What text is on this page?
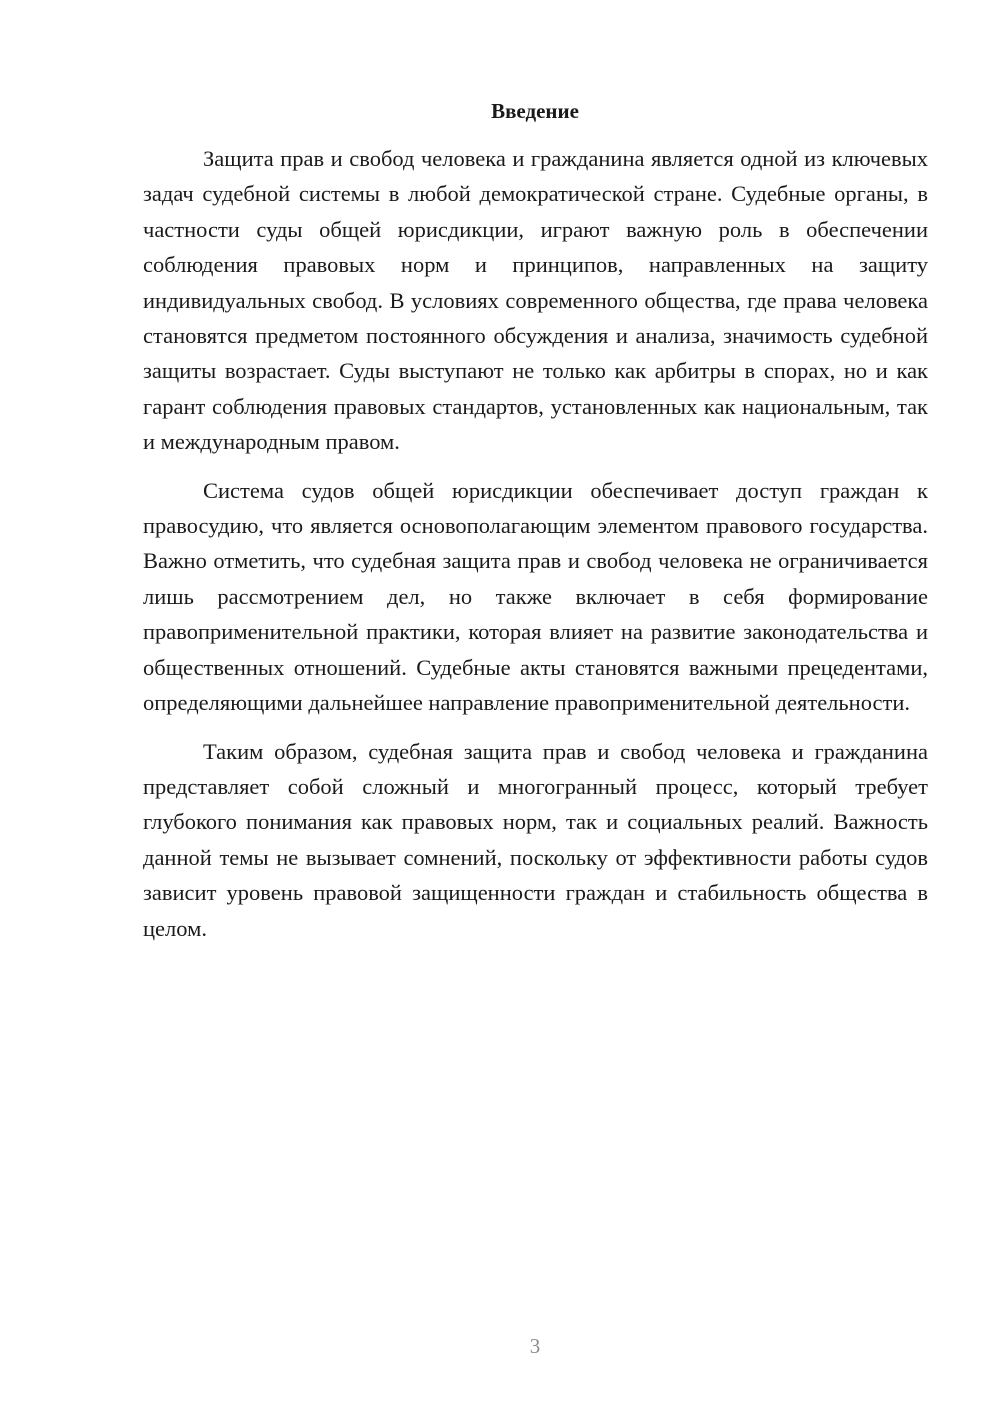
Введение

Защита прав и свобод человека и гражданина является одной из ключевых задач судебной системы в любой демократической стране. Судебные органы, в частности суды общей юрисдикции, играют важную роль в обеспечении соблюдения правовых норм и принципов, направленных на защиту индивидуальных свобод. В условиях современного общества, где права человека становятся предметом постоянного обсуждения и анализа, значимость судебной защиты возрастает. Суды выступают не только как арбитры в спорах, но и как гарант соблюдения правовых стандартов, установленных как национальным, так и международным правом.

Система судов общей юрисдикции обеспечивает доступ граждан к правосудию, что является основополагающим элементом правового государства. Важно отметить, что судебная защита прав и свобод человека не ограничивается лишь рассмотрением дел, но также включает в себя формирование правоприменительной практики, которая влияет на развитие законодательства и общественных отношений. Судебные акты становятся важными прецедентами, определяющими дальнейшее направление правоприменительной деятельности.

Таким образом, судебная защита прав и свобод человека и гражданина представляет собой сложный и многогранный процесс, который требует глубокого понимания как правовых норм, так и социальных реалий. Важность данной темы не вызывает сомнений, поскольку от эффективности работы судов зависит уровень правовой защищенности граждан и стабильность общества в целом.

3
